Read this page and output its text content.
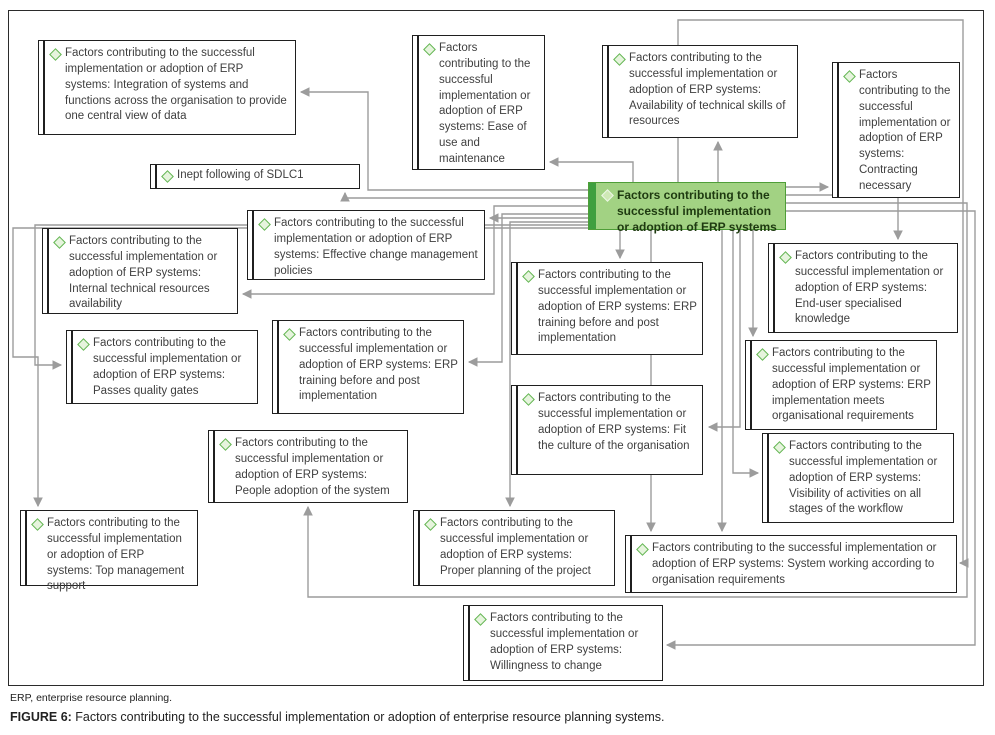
Factors contributing to the successful implementation or adoption of ERP systems
Factors contributing to the successful implementation or adoption of ERP systems: Integration of systems and functions across the organisation to provide one central view of data
Inept following of SDLC1
Factors contributing to the successful implementation or adoption of ERP systems: Ease of use and maintenance
Factors contributing to the successful implementation or adoption of ERP systems: Availability of technical skills of resources
Factors contributing to the successful implementation or adoption of ERP systems: Contracting necessary
Factors contributing to the successful implementation or adoption of ERP systems: Effective change management policies
Factors contributing to the successful implementation or adoption of ERP systems: Internal technical resources availability
Factors contributing to the successful implementation or adoption of ERP systems: ERP training before and post implementation
Factors contributing to the successful implementation or adoption of ERP systems: End-user specialised knowledge
Factors contributing to the successful implementation or adoption of ERP systems: Passes quality gates
Factors contributing to the successful implementation or adoption of ERP systems: ERP training before and post implementation
Factors contributing to the successful implementation or adoption of ERP systems: ERP implementation meets organisational requirements
Factors contributing to the successful implementation or adoption of ERP systems: Fit the culture of the organisation	Factors contributing to the successful implementation or adoption of ERP systems: Visibility of activities on all stages of the workflow
Factors contributing to the successful implementation or adoption of ERP systems: People adoption of the system
Factors contributing to the successful implementation or adoption of ERP systems: Top management support
Factors contributing to the successful implementation or adoption of ERP systems: Proper planning of the project
Factors contributing to the successful implementation or adoption of ERP systems: System working according to organisation requirements
Factors contributing to the successful implementation or adoption of ERP systems: Willingness to change
ERP, enterprise resource planning.
FIGURE 6: Factors contributing to the successful implementation or adoption of enterprise resource planning systems.
